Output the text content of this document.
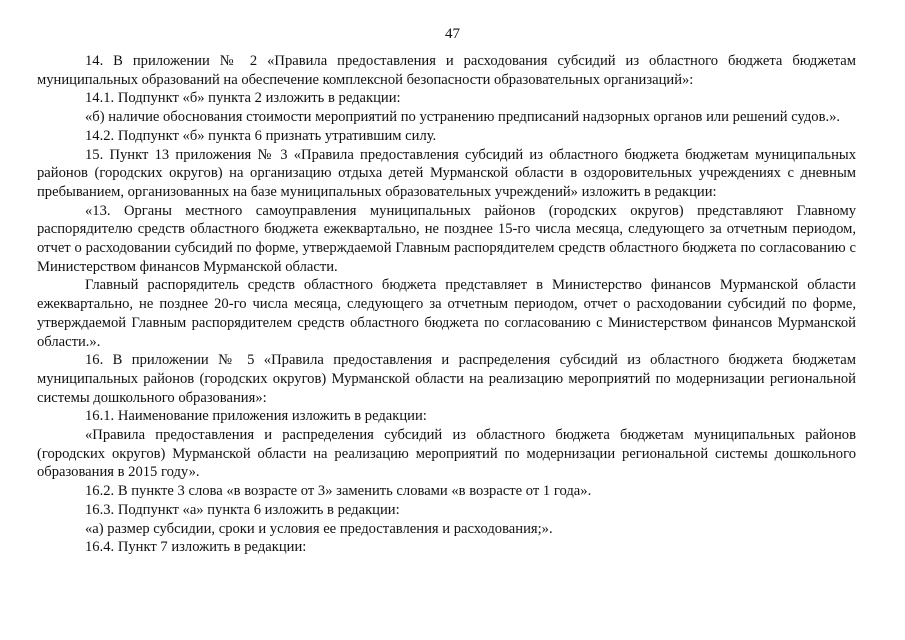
47

14. В приложении № 2 «Правила предоставления и расходования субсидий из областного бюджета бюджетам муниципальных образований на обеспечение комплексной безопасности образовательных организаций»:

14.1. Подпункт «б» пункта 2 изложить в редакции:

«б) наличие обоснования стоимости мероприятий по устранению предписаний надзорных органов или решений судов.».

14.2. Подпункт «б» пункта 6 признать утратившим силу.

15. Пункт 13 приложения № 3 «Правила предоставления субсидий из областного бюджета бюджетам муниципальных районов (городских округов) на организацию отдыха детей Мурманской области в оздоровительных учреждениях с дневным пребыванием, организованных на базе муниципальных образовательных учреждений» изложить в редакции:

«13. Органы местного самоуправления муниципальных районов (городских округов) представляют Главному распорядителю средств областного бюджета ежеквартально, не позднее 15-го числа месяца, следующего за отчетным периодом, отчет о расходовании субсидий по форме, утверждаемой Главным распорядителем средств областного бюджета по согласованию с Министерством финансов Мурманской области.

Главный распорядитель средств областного бюджета представляет в Министерство финансов Мурманской области ежеквартально, не позднее 20-го числа месяца, следующего за отчетным периодом, отчет о расходовании субсидий по форме, утверждаемой Главным распорядителем средств областного бюджета по согласованию с Министерством финансов Мурманской области.».

16. В приложении № 5 «Правила предоставления и распределения субсидий из областного бюджета бюджетам муниципальных районов (городских округов) Мурманской области на реализацию мероприятий по модернизации региональной системы дошкольного образования»:

16.1. Наименование приложения изложить в редакции:

«Правила предоставления и распределения субсидий из областного бюджета бюджетам муниципальных районов (городских округов) Мурманской области на реализацию мероприятий по модернизации региональной системы дошкольного образования в 2015 году».

16.2. В пункте 3 слова «в возрасте от 3» заменить словами «в возрасте от 1 года».

16.3. Подпункт «а» пункта 6 изложить в редакции:

«а) размер субсидии, сроки и условия ее предоставления и расходования;».

16.4. Пункт 7 изложить в редакции:
